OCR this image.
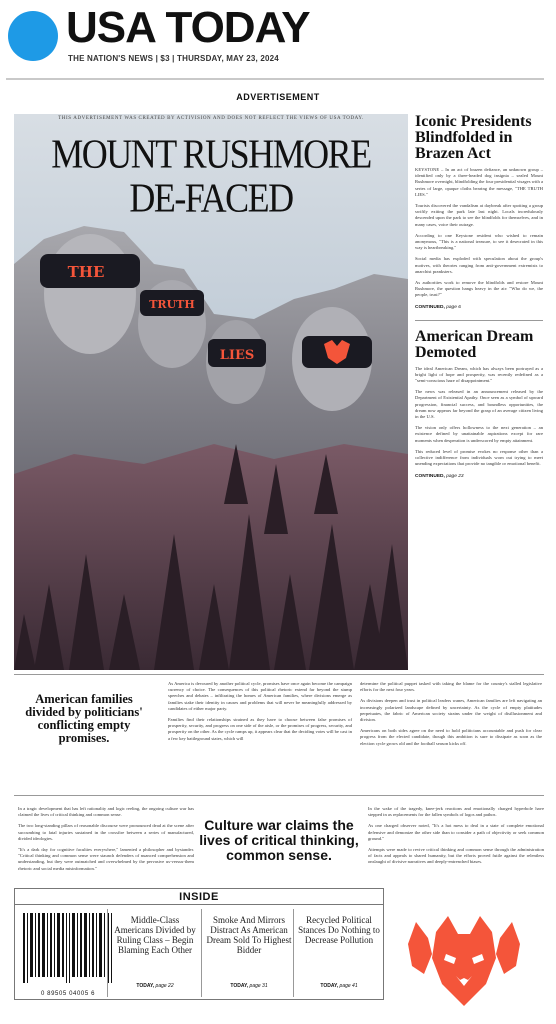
USA TODAY
THE NATION'S NEWS | $3 | THURSDAY, MAY 23, 2024
ADVERTISEMENT
THE
TRUTH
LIES
THIS ADVERTISEMENT WAS CREATED BY ACTIVISION AND DOES NOT REFLECT THE VIEWS OF USA TODAY.
MOUNT RUSHMORE
DE-FACED
Iconic Presidents Blindfolded in Brazen Act

KEYSTONE – In an act of brazen defiance, an unknown group – identified only by a three-headed dog insignia – sealed Mount Rushmore overnight, blindfolding the four presidential visages with a series of large, opaque cloths bearing the message, "THE TRUTH LIES."

Tourists discovered the vandalism at daybreak after spotting a group swiftly exiting the park late last night. Locals incredulously descended upon the park to see the blindfolds for themselves, and in many cases, voice their outrage.

According to one Keystone resident who wished to remain anonymous, "This is a national treasure, to see it desecrated in this way is heartbreaking."

Social media has exploded with speculation about the group's motives, with theories ranging from anti-government extremists to anarchist pranksters.

As authorities work to remove the blindfolds and restore Mount Rushmore, the question hangs heavy in the air: "Who do we, the people, trust?"

CONTINUED, page 6
American Dream Demoted

The ideal American Dream, which has always been portrayed as a bright light of hope and prosperity, was recently redefined as a "semi-conscious haze of disappointment."

The news was released in an announcement released by the Department of Existential Apathy. Once seen as a symbol of upward progression, financial success, and boundless opportunities, the dream now appears far beyond the grasp of an average citizen living in the U.S.

The vision only offers hollowness to the next generation – an existence defined by unattainable aspirations except for rare moments when desperation is underscored by empty attainment.

This reduced level of promise evokes no response other than a collective indifference from individuals worn out trying to meet unending expectations that provide no tangible or emotional benefit.

CONTINUED, page 23
American families divided by politicians' conflicting empty promises.

As America is devoured by another political cycle, promises have once again become the campaign currency of choice. The consequences of this political rhetoric extend far beyond the stump speeches and debates – infiltrating the homes of American families, where divisions emerge as families stake their identity in causes and problems that will never be meaningfully addressed by candidates of either major party.

Families find their relationships strained as they have to choose between false promises of prosperity, security, and progress on one side of the aisle, or the promises of progress, security, and prosperity on the other. As the cycle ramps up, it appears clear that the deciding votes will be cast in a few key battleground states, which will

determine the political puppet tasked with taking the blame for the country's stalled legislative efforts for the next four years.

As divisions deepen and trust in political leaders wanes, American families are left navigating an increasingly polarized landscape defined by uncertainty. As the cycle of empty platitudes perpetuates, the fabric of American society strains under the weight of disillusionment and division.

Americans on both sides agree on the need to hold politicians accountable and push for clear progress from the elected candidate, though this ambition is sure to dissipate as soon as the election cycle grows old and the football season kicks off.

In a tragic development that has left rationality and logic reeling, the ongoing culture war has claimed the lives of critical thinking and common sense.

The two long-standing pillars of reasonable discourse were pronounced dead at the scene after succumbing to fatal injuries sustained in the crossfire between a series of manufactured, divided ideologies.

"It's a dark day for cognitive faculties everywhere," lamented a philosopher and bystander. "Critical thinking and common sense were staunch defenders of nuanced comprehension and understanding, but they were outmatched and overwhelmed by the pervasive us-versus-them rhetoric and social media misinformation."

Culture war claims the lives of critical thinking, common sense.

In the wake of the tragedy, knee-jerk reactions and emotionally charged hyperbole have stepped in as replacements for the fallen symbols of logos and pathos.

As one charged observer noted, "It's a hot mess to deal in a state of complete emotional defensive and demonize the other side than to consider a path of objectivity or seek common ground."

Attempts were made to revive critical thinking and common sense through the administration of facts and appeals to shared humanity, but the efforts proved futile against the relentless onslaught of divisive narratives and deeply-entrenched biases.

INSIDE
0 89505 04005 6
Middle-Class Americans Divided by Ruling Class – Begin Blaming Each Other
TODAY, page 22
Smoke And Mirrors Distract As American Dream Sold To Highest Bidder
TODAY, page 31
Recycled Political Stances Do Nothing to Decrease Pollution
TODAY, page 41
